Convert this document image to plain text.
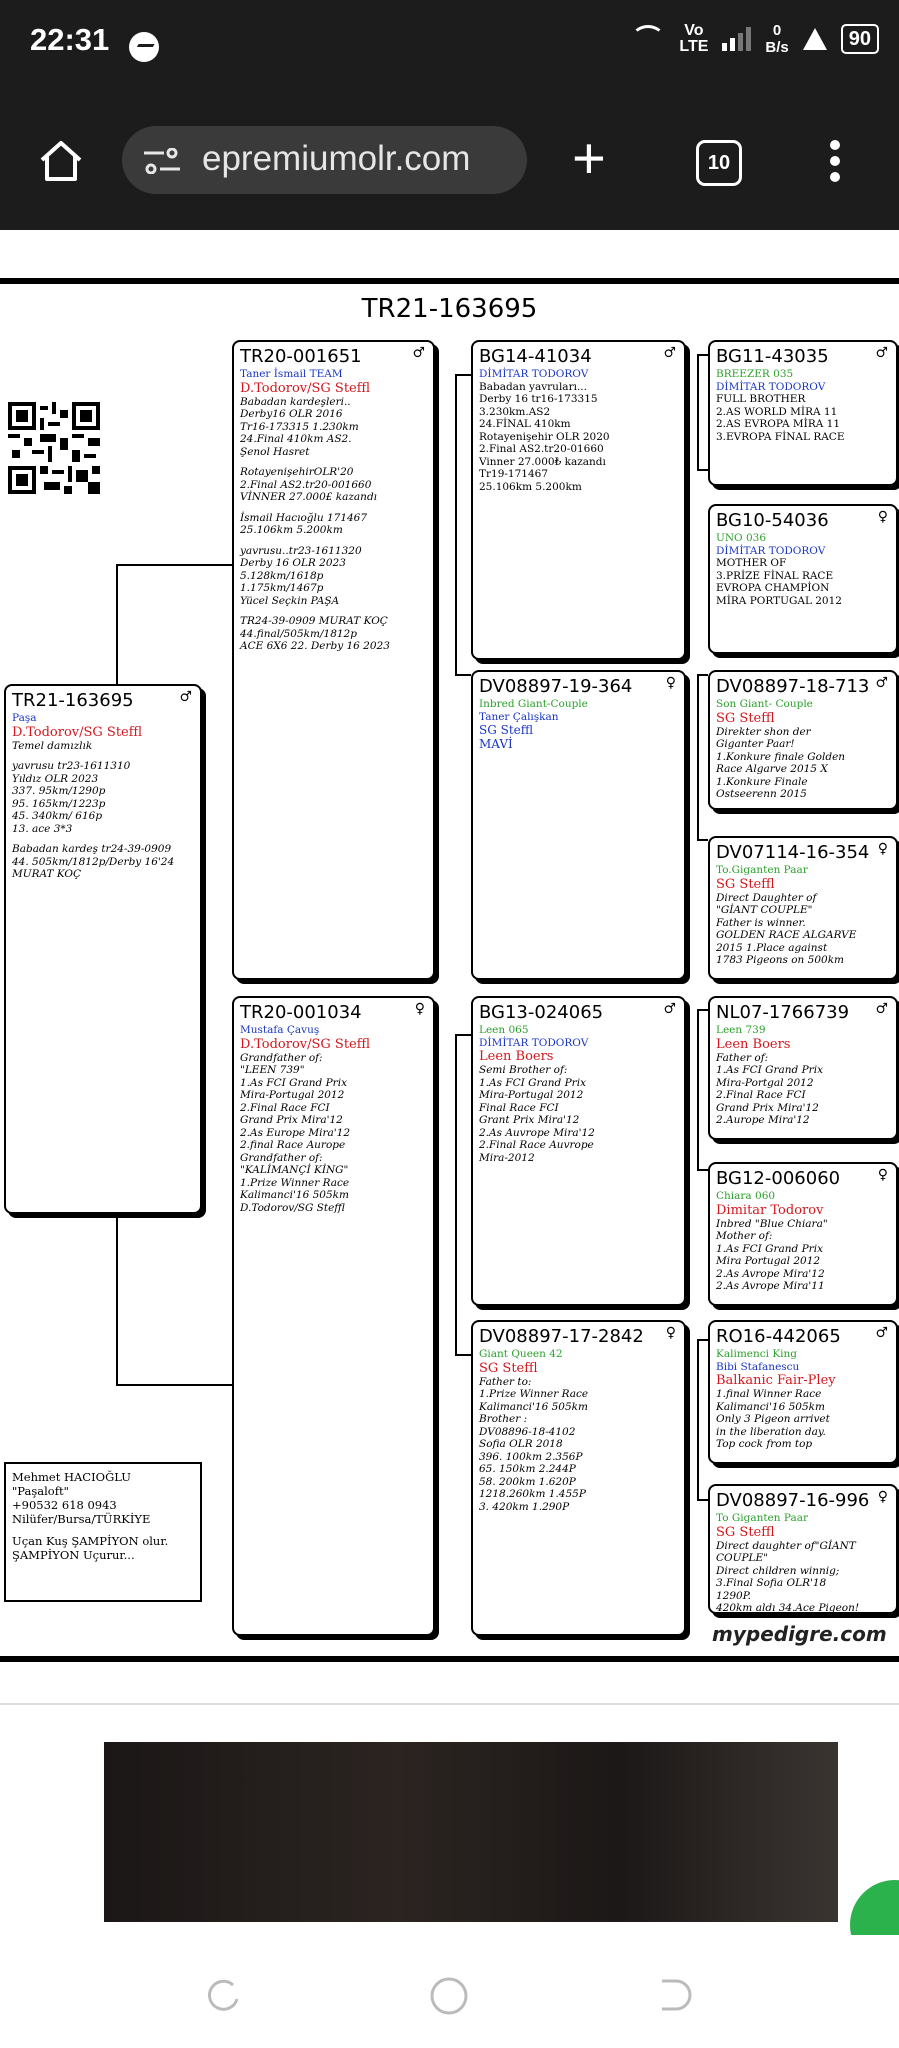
22:31	Vo
LTE
0
B/s	90
epremiumolr.com +	10
TR21-163695
TR21-163695	♂
Paşa
D.Todorov/SG Steffl
Temel damızlık
yavrusu tr23-1611310
Yıldız OLR 2023
337. 95km/1290p
95. 165km/1223p
45. 340km/ 616p
13. ace 3*3
Babadan kardeş tr24-39-0909
44. 505km/1812p/Derby 16'24
MURAT KOÇ
TR20-001651	♂
Taner İsmail TEAM
D.Todorov/SG Steffl
Babadan kardeşleri..
Derby16 OLR 2016
Tr16-173315 1.230km
24.Final 410km AS2.
Şenol Hasret
RotayenişehirOLR'20
2.Final AS2.tr20-001660
VİNNER 27.000£ kazandı
İsmail Hacıoğlu 171467
25.106km 5.200km
yavrusu..tr23-1611320
Derby 16 OLR 2023
5.128km/1618p
1.175km/1467p
Yücel Seçkin PAŞA
TR24-39-0909 MURAT KOÇ
44.final/505km/1812p
ACE 6X6 22. Derby 16 2023
TR20-001034	♀
Mustafa Çavuş
D.Todorov/SG Steffl
Grandfather of:
"LEEN 739"
1.As FCI Grand Prix
Mira-Portugal 2012
2.Final Race FCI
Grand Prix Mira'12
2.As Europe Mira'12
2.final Race Aurope
Grandfather of:
"KALİMANÇİ KİNG"
1.Prize Winner Race
Kalimanci'16 505km
D.Todorov/SG Steffl
BG14-41034	♂
DİMİTAR TODOROV
Babadan yavruları...
Derby 16 tr16-173315
3.230km.AS2
24.FİNAL 410km
Rotayenişehir OLR 2020
2.Final AS2.tr20-01660
Vinner 27.000₺ kazandı
Tr19-171467
25.106km 5.200km
DV08897-19-364	♀
Inbred Giant-Couple
Taner Çalışkan
SG Steffl
MAVİ
BG13-024065	♂
Leen 065
DİMİTAR TODOROV
Leen Boers
Semi Brother of:
1.As FCI Grand Prix
Mira-Portugal 2012
Final Race FCI
Grant Prix Mira'12
2.As Auvrope Mira'12
2.Final Race Auvrope
Mira-2012
DV08897-17-2842	♀
Giant Queen 42
SG Steffl
Father to:
1.Prize Winner Race
Kalimanci'16 505km
Brother :
DV08896-18-4102
Sofia OLR 2018
396. 100km 2.356P
65. 150km 2.244P
58. 200km 1.620P
1218.260km 1.455P
3. 420km 1.290P
BG11-43035	♂
BREEZER 035
DİMİTAR TODOROV
FULL BROTHER
2.AS WORLD MİRA 11
2.AS EVROPA MİRA 11
3.EVROPA FİNAL RACE
BG10-54036	♀
UNO 036
DİMİTAR TODOROV
MOTHER OF
3.PRİZE FİNAL RACE
EVROPA CHAMPİON
MİRA PORTUGAL 2012
DV08897-18-713 ♂
Son Giant- Couple
SG Steffl
Direkter shon der
Giganter Paar!
1.Konkure finale Golden
Race Algarve 2015 X
1.Konkure Finale
Ostseerenn 2015
DV07114-16-354 ♀
To.Giganten Paar
SG Steffl
Direct Daughter of
"GİANT COUPLE"
Father is winner.
GOLDEN RACE ALGARVE
2015 1.Place against
1783 Pigeons on 500km
NL07-1766739	♂
Leen 739
Leen Boers
Father of:
1.As FCI Grand Prix
Mira-Portgal 2012
2.Final Race FCI
Grand Prix Mira'12
2.Aurope Mira'12
BG12-006060	♀
Chiara 060
Dimitar Todorov
Inbred "Blue Chiara"
Mother of:
1.As FCI Grand Prix
Mira Portugal 2012
2.As Avrope Mira'12
2.As Avrope Mira'11
RO16-442065	♂
Kalimenci King
Bibi Stafanescu
Balkanic Fair-Pley
1.final Winner Race
Kalimanci'16 505km
Only 3 Pigeon arrivet
in the liberation day.
Top cock from top
DV08897-16-996 ♀
To Giganten Paar
SG Steffl
Direct daughter of"GİANT
COUPLE"
Direct children winnig;
3.Final Sofia OLR'18
1290P.
420km aldı 34.Ace Pigeon!
Mehmet HACIOĞLU
"Paşaloft"
+90532 618 0943
Nilüfer/Bursa/TÜRKİYE
Uçan Kuş ŞAMPİYON olur.
ŞAMPİYON Uçurur...
mypedigre.com
